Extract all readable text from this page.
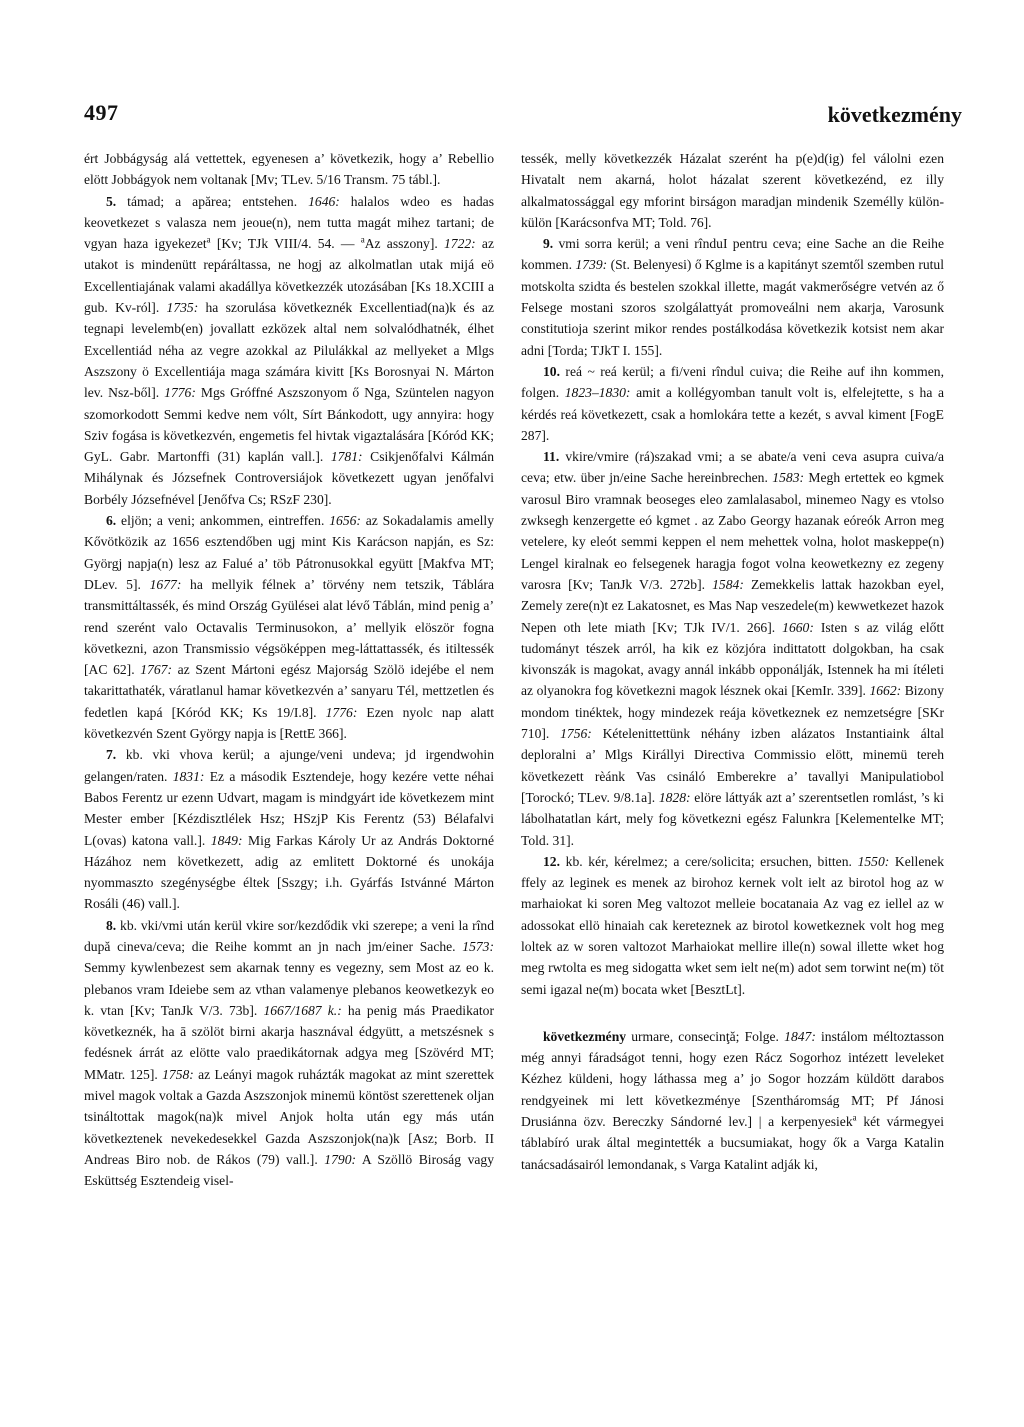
497	következmény

ért Jobbágyság alá vettettek, egyenesen a’ következik, hogy a’ Rebellio elött Jobbágyok nem voltanak [Mv; TLev. 5/16 Transm. 75 tábl.].

5. támad; a apărea; entstehen. 1646: halalos wdeo es hadas keovetkezet s valasza nem jeoue(n), nem tutta magát mihez tartani; de vgyan haza igyekezet$^a$ [Kv; TJk VIII/4. 54. — $^a$Az asszony]. 1722: az utakot is mindenütt repáráltassa, ne hogj az alkolmatlan utak mijá eö Excellentiajának valami akadállya következzék utozásában [Ks 18.XCIII a gub. Kv-ról]. 1735: ha szorulása következnék Excellentiad(na)k és az tegnapi levelemb(en) jovallatt ezközek altal nem solvalódhatnék, élhet Excellentiád néha az vegre azokkal az Pilulákkal az mellyeket a Mlgs Aszszony ö Excellentiája maga számára kivitt [Ks Borosnyai N. Márton lev. Nsz-ből]. 1776: Mgs Gróffné Aszszonyom ő Nga, Szüntelen nagyon szomorkodott Semmi kedve nem vólt, Sírt Bánkodott, ugy annyira: hogy Sziv fogása is következvén, engemetis fel hivtak vigaztalására [Kóród KK; GyL. Gabr. Martonffi (31) kaplán vall.]. 1781: Csikjenőfalvi Kálmán Mihálynak és Józsefnek Controversiájok következett ugyan jenőfalvi Borbély Józsefnével [Jenőfva Cs; RSzF 230].

6. eljön; a veni; ankommen, eintreffen. 1656: az Sokadalamis amelly Kővötközik az 1656 esztendőben ugj mint Kis Karácson napján, es Sz: Györgj napja(n) lesz az Falué a’ töb Pátronusokkal együtt [Makfva MT; DLev. 5]. 1677: ha mellyik félnek a’ törvény nem tetszik, Táblára transmittáltassék, és mind Ország Gyülései alat lévő Táblán, mind penig a’ rend szerént valo Octavalis Terminusokon, a’ mellyik elöször fogna következni, azon Transmissio végsöképpen meg-láttattassék, és itiltessék [AC 62]. 1767: az Szent Mártoni egész Majorság Szölö idejébe el nem takarittathaték, váratlanul hamar következvén a’ sanyaru Tél, mettzetlen és fedetlen kapá [Kóród KK; Ks 19/I.8]. 1776: Ezen nyolc nap alatt következvén Szent György napja is [RettE 366].

7. kb. vki vhova kerül; a ajunge/veni undeva; jd irgendwohin gelangen/raten. 1831: Ez a második Esztendeje, hogy kezére vette néhai Babos Ferentz ur ezenn Udvart, magam is mindgyárt ide következem mint Mester ember [Kézdisztlélek Hsz; HSzjP Kis Ferentz (53) Bélafalvi L(ovas) katona vall.]. 1849: Mig Farkas Károly Ur az András Doktorné Házához nem következett, adig az emlitett Doktorné és unokája nyommaszto szegénységbe éltek [Sszgy; i.h. Gyárfás Istvánné Márton Rosáli (46) vall.].

8. kb. vki/vmi után kerül vkire sor/kezdődik vki szerepe; a veni la rînd după cineva/ceva; die Reihe kommt an jn nach jm/einer Sache. 1573: Semmy kywlenbezest sem akarnak tenny es vegezny, sem Most az eo k. plebanos vram Ideiebe sem az vthan valamenye plebanos keowetkezyk eo k. vtan [Kv; TanJk V/3. 73b]. 1667/1687 k.: ha penig más Praedikator következnék, ha ā szölöt birni akarja hasznával édgyütt, a metszésnek s fedésnek árrát az elötte valo praedikátornak adgya meg [Szövérd MT; MMatr. 125]. 1758: az Leányi magok ruházták magokat az mint szerettek mivel magok voltak a Gazda Aszszonjok minemü köntöst szerettenek oljan tsináltottak magok(na)k mivel Anjok holta után egy más után következtenek nevekedesekkel Gazda Aszszonjok(na)k [Asz; Borb. II Andreas Biro nob. de Rákos (79) vall.]. 1790: A Szöllö Biroság vagy Esküttség Esztendeig visel-

tessék, melly következzék Házalat szerént ha p(e)d(ig) fel válolni ezen Hivatalt nem akarná, holot házalat szerent következénd, ez illy alkalmatossággal egy mforint birságon maradjan mindenik Személly külön-külön [Karácsonfva MT; Told. 76].

9. vmi sorra kerül; a veni rînduI pentru ceva; eine Sache an die Reihe kommen. 1739: (St. Belenyesi) ő Kglme is a kapitányt szemtől szemben rutul motskolta szidta és bestelen szokkal illette, magát vakmerőségre vetvén az ő Felsege mostani szoros szolgálattyát promoveálni nem akarja, Varosunk constitutioja szerint mikor rendes postálkodása következik kotsist nem akar adni [Torda; TJkT I. 155].

10. reá ~ reá kerül; a fi/veni rîndul cuiva; die Reihe auf ihn kommen, folgen. 1823–1830: amit a kollégyomban tanult volt is, elfelejtette, s ha a kérdés reá következett, csak a homlokára tette a kezét, s avval kiment [FogE 287].

11. vkire/vmire (rá)szakad vmi; a se abate/a veni ceva asupra cuiva/a ceva; etw. über jn/eine Sache hereinbrechen. 1583: Megh ertettek eo kgmek varosul Biro vramnak beoseges eleo zamlalasabol, minemeo Nagy es vtolso zwksegh kenzergette eó kgmet . az Zabo Georgy hazanak eóreók Arron meg vetelere, ky eleót semmi keppen el nem mehettek volna, holot maskeppe(n) Lengel kiralnak eo felsegenek haragja fogot volna keowetkezny ez zegeny varosra [Kv; TanJk V/3. 272b]. 1584: Zemekkelis lattak hazokban eyel, Zemely zere(n)t ez Lakatosnet, es Mas Nap veszedele(m) kewwetkezet hazok Nepen oth lete miath [Kv; TJk IV/1. 266]. 1660: Isten s az világ előtt tudományt tészek arról, ha kik ez közjóra indittatott dolgokban, ha csak kivonszák is magokat, avagy annál inkább opponálják, Istennek ha mi ítéleti az olyanokra fog következni magok lésznek okai [KemIr. 339]. 1662: Bizony mondom tinéktek, hogy mindezek reája következnek ez nemzetségre [SKr 710]. 1756: Kételenittettünk néhány izben alázatos Instantiaink által deploralni a’ Mlgs Királlyi Directiva Commissio elött, minemü tereh következett rèánk Vas csináló Emberekre a’ tavallyi Manipulatiobol [Torockó; TLev. 9/8.1a]. 1828: elöre láttyák azt a’ szerentsetlen romlást, ’s ki lábolhatatlan kárt, mely fog következni egész Falunkra [Kelementelke MT; Told. 31].

12. kb. kér, kérelmez; a cere/solicita; ersuchen, bitten. 1550: Kellenek ffely az leginek es menek az birohoz kernek volt ielt az birotol hog az w marhaiokat ki soren Meg valtozot melleie bocatanaia Az vag ez iellel az w adossokat ellö hinaiah cak kereteznek az birotol kowetkeznek volt hog meg loltek az w soren valtozot Marhaiokat mellire ille(n) sowal illette wket hog meg rwtolta es meg sidogatta wket sem ielt ne(m) adot sem torwint ne(m) töt semi igazal ne(m) bocata wket [BesztLt].

következmény urmare, consecinţă; Folge. 1847: instálom méltoztasson még annyi fáradságot tenni, hogy ezen Rácz Sogorhoz intézett leveleket Kézhez küldeni, hogy láthassa meg a’ jo Sogor hozzám küldött darabos rendgyeinek mi lett következménye [Szentháromság MT; Pf Jánosi Drusiánna özv. Bereczky Sándorné lev.] | a kerpenyesiek$^a$ két vármegyei táblabíró urak által megintették a bucsumiakat, hogy ők a Varga Katalin tanácsadásairól lemondanak, s Varga Katalint adják ki,
